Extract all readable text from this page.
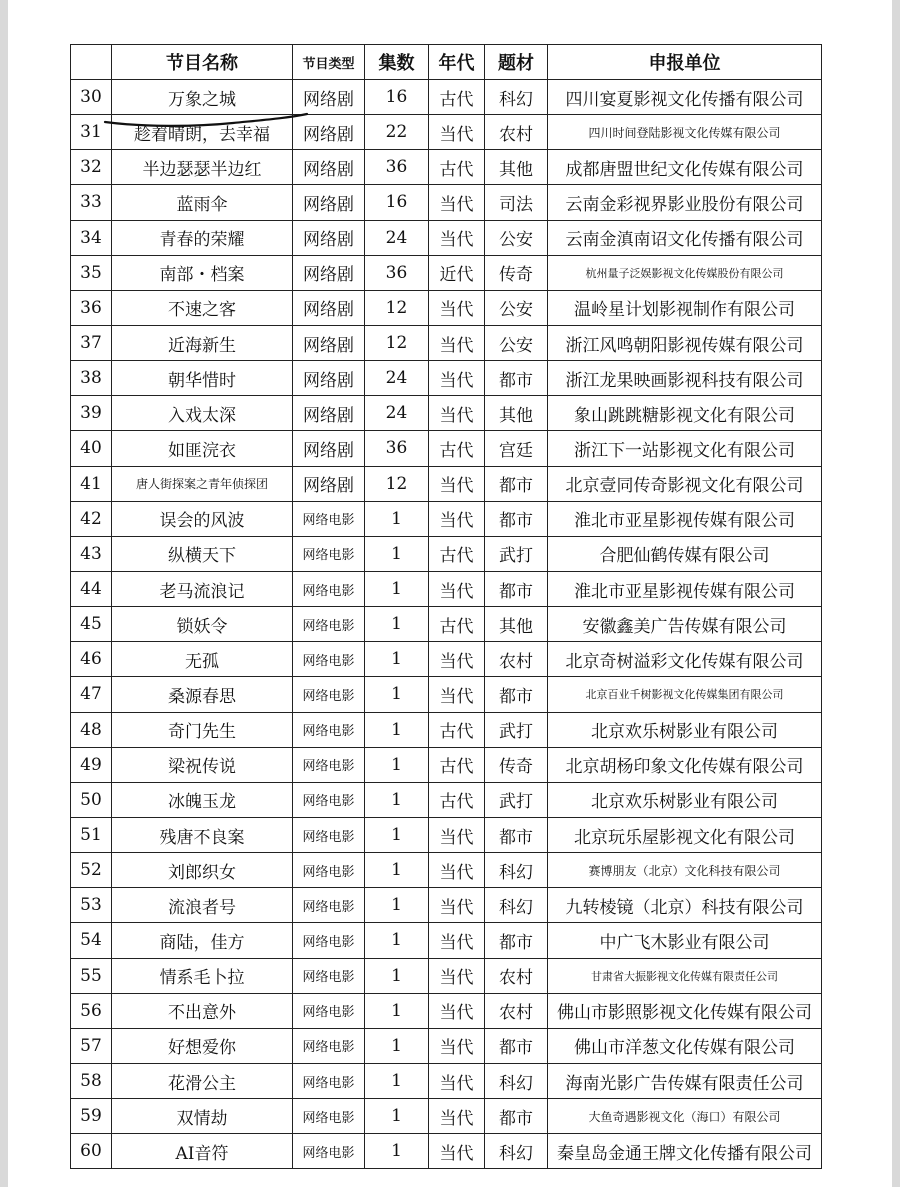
	节目名称	节目类型	集数	年代	题材	申报单位
30	万象之城	网络剧	16	古代	科幻	四川宴夏影视文化传播有限公司
31	趁着晴朗，去幸福	网络剧	22	当代	农村	四川时间登陆影视文化传媒有限公司
32	半边瑟瑟半边红	网络剧	36	古代	其他	成都唐盟世纪文化传媒有限公司
33	蓝雨伞	网络剧	16	当代	司法	云南金彩视界影业股份有限公司
34	青春的荣耀	网络剧	24	当代	公安	云南金滇南诏文化传播有限公司
35	南部・档案	网络剧	36	近代	传奇	杭州量子泛娱影视文化传媒股份有限公司
36	不速之客	网络剧	12	当代	公安	温岭星计划影视制作有限公司
37	近海新生	网络剧	12	当代	公安	浙江风鸣朝阳影视传媒有限公司
38	朝华惜时	网络剧	24	当代	都市	浙江龙果映画影视科技有限公司
39	入戏太深	网络剧	24	当代	其他	象山跳跳糖影视文化有限公司
40	如匪浣衣	网络剧	36	古代	宫廷	浙江下一站影视文化有限公司
41	唐人街探案之青年侦探团	网络剧	12	当代	都市	北京壹同传奇影视文化有限公司
42	误会的风波	网络电影	1	当代	都市	淮北市亚星影视传媒有限公司
43	纵横天下	网络电影	1	古代	武打	合肥仙鹤传媒有限公司
44	老马流浪记	网络电影	1	当代	都市	淮北市亚星影视传媒有限公司
45	锁妖令	网络电影	1	古代	其他	安徽鑫美广告传媒有限公司
46	无孤	网络电影	1	当代	农村	北京奇树溢彩文化传媒有限公司
47	桑源春思	网络电影	1	当代	都市	北京百业千树影视文化传媒集团有限公司
48	奇门先生	网络电影	1	古代	武打	北京欢乐树影业有限公司
49	梁祝传说	网络电影	1	古代	传奇	北京胡杨印象文化传媒有限公司
50	冰魄玉龙	网络电影	1	古代	武打	北京欢乐树影业有限公司
51	残唐不良案	网络电影	1	当代	都市	北京玩乐屋影视文化有限公司
52	刘郎织女	网络电影	1	当代	科幻	赛博朋友（北京）文化科技有限公司
53	流浪者号	网络电影	1	当代	科幻	九转棱镜（北京）科技有限公司
54	商陆，佳方	网络电影	1	当代	都市	中广飞木影业有限公司
55	情系毛卜拉	网络电影	1	当代	农村	甘肃省大振影视文化传媒有限责任公司
56	不出意外	网络电影	1	当代	农村	佛山市影照影视文化传媒有限公司
57	好想爱你	网络电影	1	当代	都市	佛山市洋葱文化传媒有限公司
58	花滑公主	网络电影	1	当代	科幻	海南光影广告传媒有限责任公司
59	双情劫	网络电影	1	当代	都市	大鱼奇遇影视文化（海口）有限公司
60	AI音符	网络电影	1	当代	科幻	秦皇岛金通王牌文化传播有限公司
